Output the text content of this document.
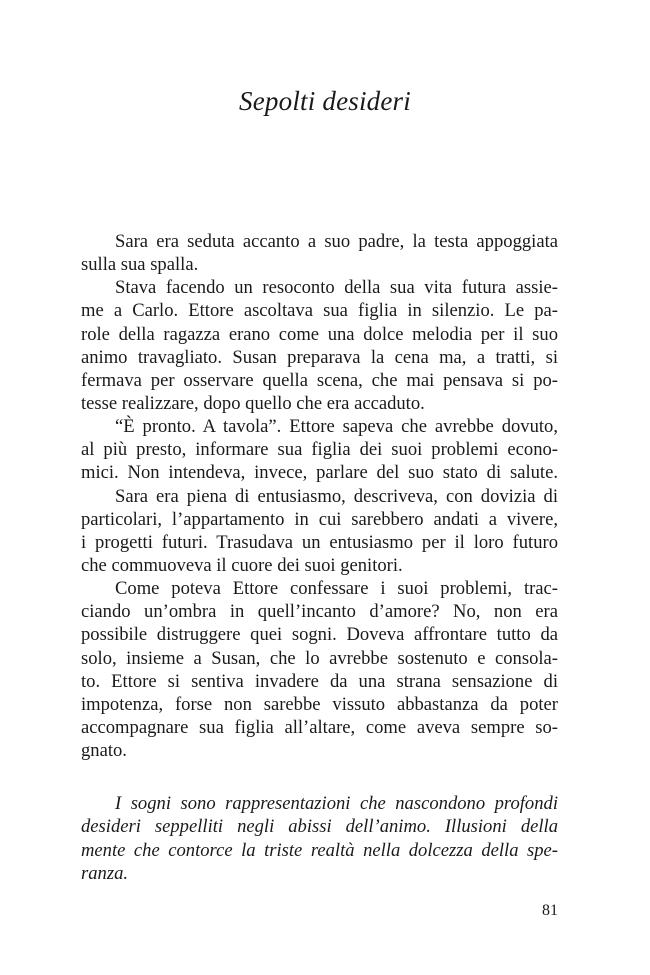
Sepolti desideri
Sara era seduta accanto a suo padre, la testa appoggiata
sulla sua spalla.
Stava facendo un resoconto della sua vita futura assie-
me a Carlo. Ettore ascoltava sua figlia in silenzio. Le pa-
role della ragazza erano come una dolce melodia per il suo
animo travagliato. Susan preparava la cena ma, a tratti, si
fermava per osservare quella scena, che mai pensava si po-
tesse realizzare, dopo quello che era accaduto.
“È pronto. A tavola”. Ettore sapeva che avrebbe dovuto,
al più presto, informare sua figlia dei suoi problemi econo-
mici. Non intendeva, invece, parlare del suo stato di salute.
Sara era piena di entusiasmo, descriveva, con dovizia di
particolari, l’appartamento in cui sarebbero andati a vivere,
i progetti futuri. Trasudava un entusiasmo per il loro futuro
che commuoveva il cuore dei suoi genitori.
Come poteva Ettore confessare i suoi problemi, trac-
ciando un’ombra in quell’incanto d’amore? No, non era
possibile distruggere quei sogni. Doveva affrontare tutto da
solo, insieme a Susan, che lo avrebbe sostenuto e consola-
to. Ettore si sentiva invadere da una strana sensazione di
impotenza, forse non sarebbe vissuto abbastanza da poter
accompagnare sua figlia all’altare, come aveva sempre so-
gnato.
I sogni sono rappresentazioni che nascondono profondi
desideri seppelliti negli abissi dell’animo. Illusioni della
mente che contorce la triste realtà nella dolcezza della spe-
ranza.
81
